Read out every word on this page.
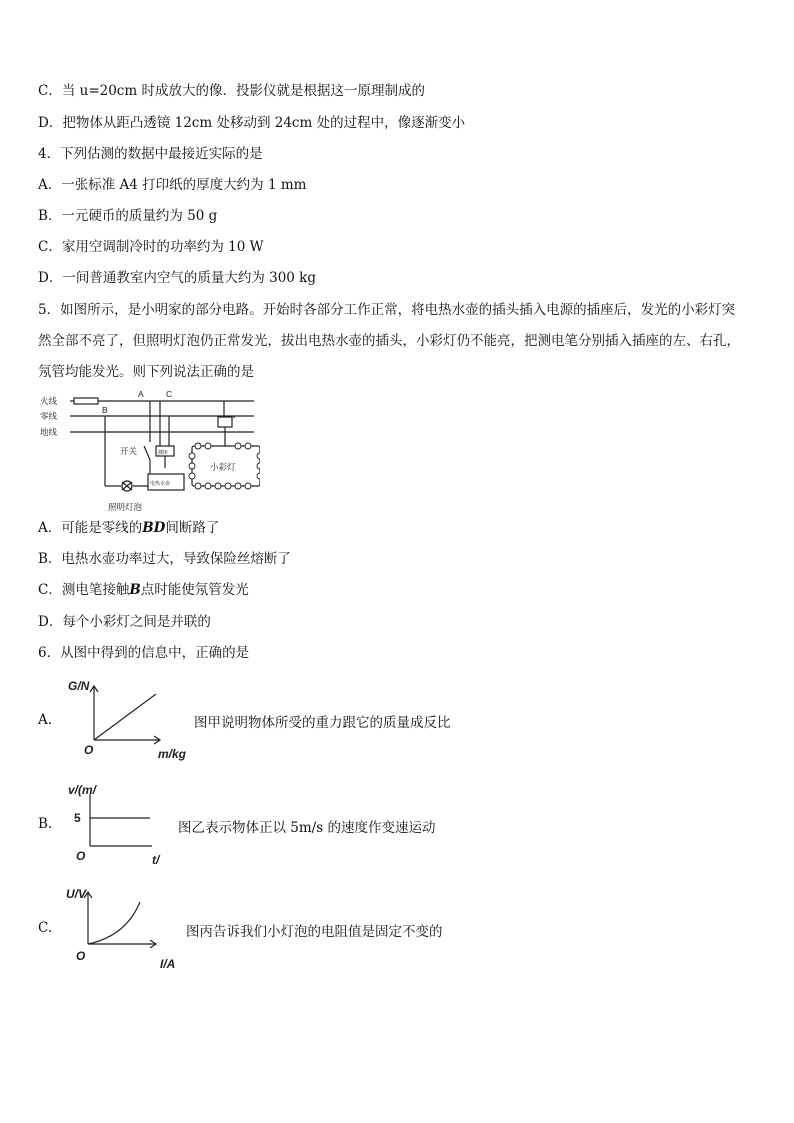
C．当 u=20cm 时成放大的像．投影仪就是根据这一原理制成的
D．把物体从距凸透镜 12cm 处移动到 24cm 处的过程中，像逐渐变小
4．下列估测的数据中最接近实际的是
A．一张标准 A4 打印纸的厚度大约为 1 mm
B．一元硬币的质量约为 50 g
C．家用空调制冷时的功率约为 10 W
D．一间普通教室内空气的质量大约为 300 kg
5．如图所示，是小明家的部分电路。开始时各部分工作正常，将电热水壶的插头插入电源的插座后，发光的小彩灯突
然全部不亮了，但照明灯泡仍正常发光，拔出电热水壶的插头，小彩灯仍不能亮，把测电笔分别插入插座的左、右孔，
氖管均能发光。则下列说法正确的是
火线
零线
地线
A
B
C
开关	插座
电热水壶
照明灯泡
小彩灯
A．可能是零线的BD间断路了
B．电热水壶功率过大，导致保险丝熔断了
C．测电笔接触B点时能使氖管发光
D．每个小彩灯之间是并联的
6．从图中得到的信息中，正确的是
A.
G/N
m/kg
O
图甲说明物体所受的重力跟它的质量成反比
B.
v/(m/
t/
O
5
图乙表示物体正以 5m/s 的速度作变速运动
C.
U/V
I/A
O
图丙告诉我们小灯泡的电阻值是固定不变的
